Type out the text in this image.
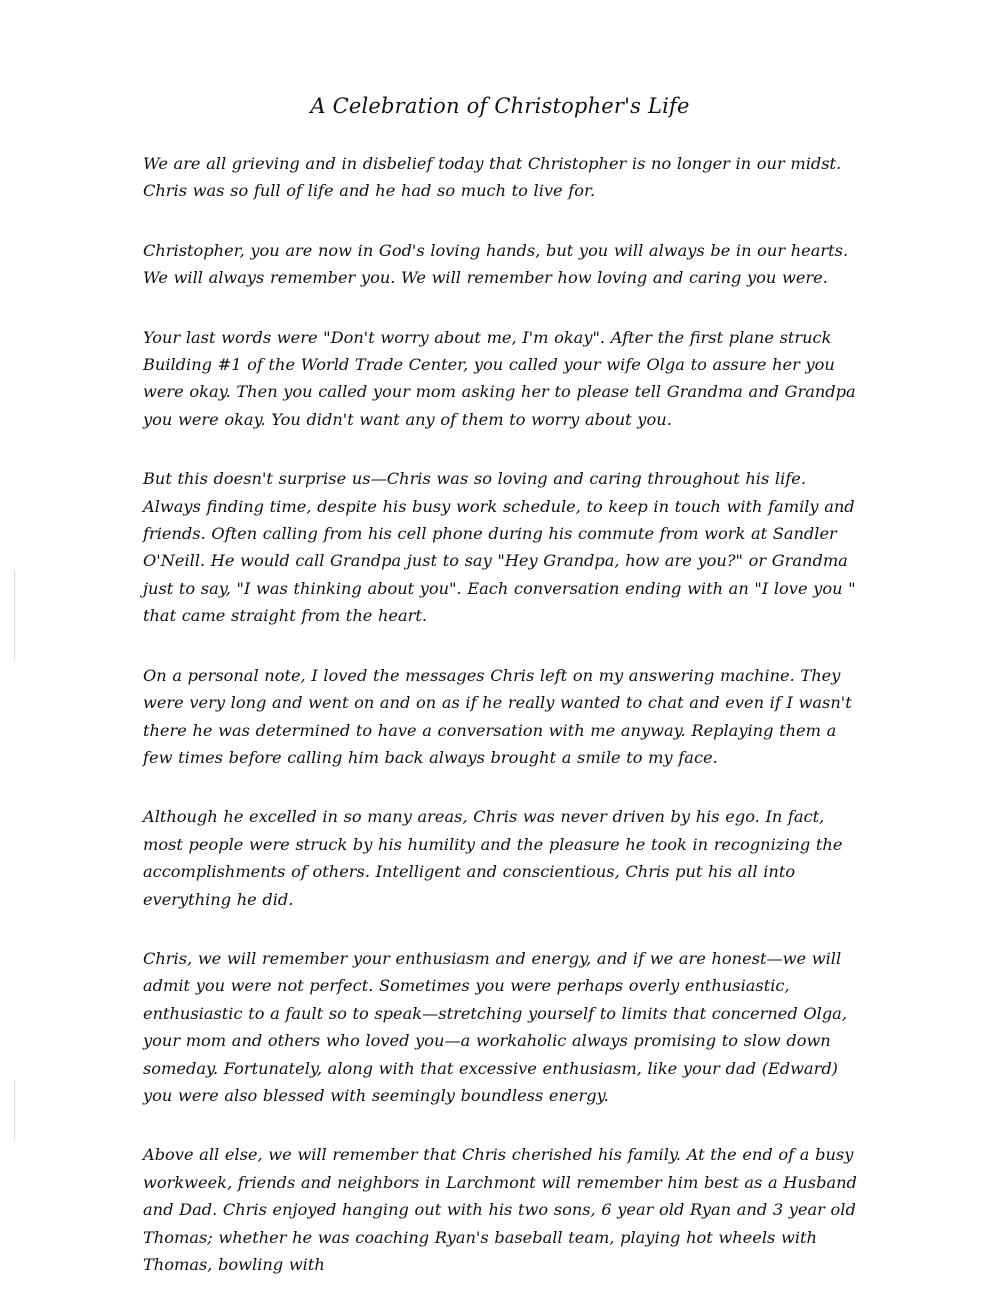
A Celebration of Christopher's Life

We are all grieving and in disbelief today that Christopher is no longer in our midst. Chris was so full of life and he had so much to live for.

Christopher, you are now in God's loving hands, but you will always be in our hearts. We will always remember you. We will remember how loving and caring you were.

Your last words were "Don't worry about me, I'm okay". After the first plane struck Building #1 of the World Trade Center, you called your wife Olga to assure her you were okay. Then you called your mom asking her to please tell Grandma and Grandpa you were okay. You didn't want any of them to worry about you.

But this doesn't surprise us—Chris was so loving and caring throughout his life. Always finding time, despite his busy work schedule, to keep in touch with family and friends. Often calling from his cell phone during his commute from work at Sandler O'Neill. He would call Grandpa just to say "Hey Grandpa, how are you?" or Grandma just to say, "I was thinking about you". Each conversation ending with an "I love you " that came straight from the heart.

On a personal note, I loved the messages Chris left on my answering machine. They were very long and went on and on as if he really wanted to chat and even if I wasn't there he was determined to have a conversation with me anyway. Replaying them a few times before calling him back always brought a smile to my face.

Although he excelled in so many areas, Chris was never driven by his ego. In fact, most people were struck by his humility and the pleasure he took in recognizing the accomplishments of others. Intelligent and conscientious, Chris put his all into everything he did.

Chris, we will remember your enthusiasm and energy, and if we are honest—we will admit you were not perfect. Sometimes you were perhaps overly enthusiastic, enthusiastic to a fault so to speak—stretching yourself to limits that concerned Olga, your mom and others who loved you—a workaholic always promising to slow down someday. Fortunately, along with that excessive enthusiasm, like your dad (Edward) you were also blessed with seemingly boundless energy.

Above all else, we will remember that Chris cherished his family. At the end of a busy workweek, friends and neighbors in Larchmont will remember him best as a Husband and Dad. Chris enjoyed hanging out with his two sons, 6 year old Ryan and 3 year old Thomas; whether he was coaching Ryan's baseball team, playing hot wheels with Thomas, bowling with
